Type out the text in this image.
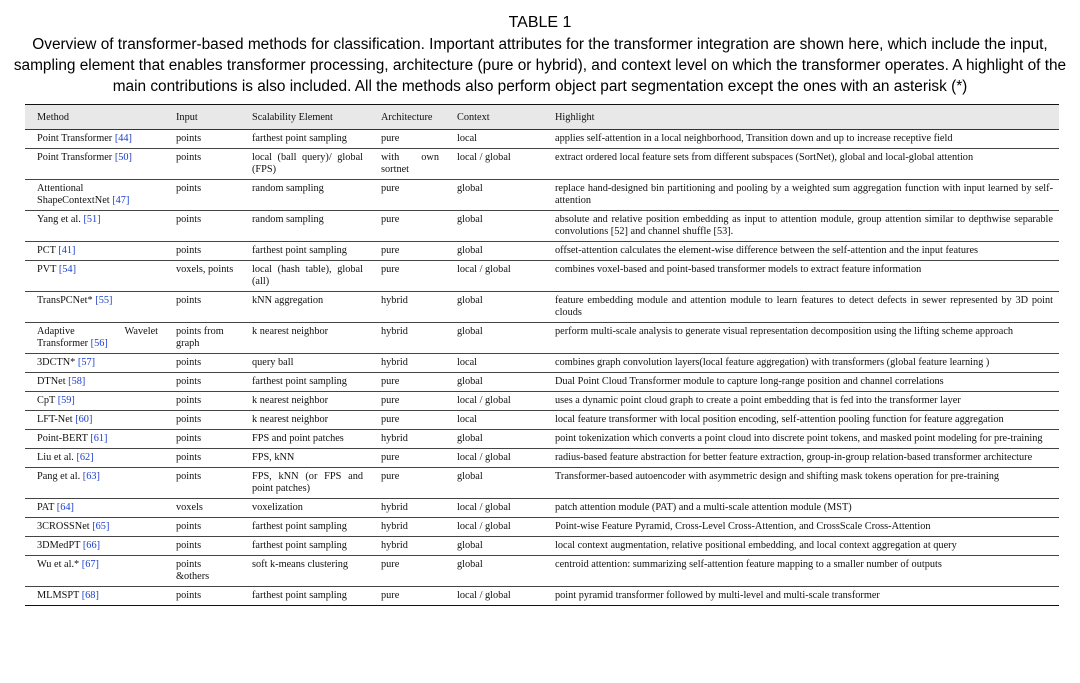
TABLE 1
Overview of transformer-based methods for classification. Important attributes for the transformer integration are shown here, which include the input, sampling element that enables transformer processing, architecture (pure or hybrid), and context level on which the transformer operates. A highlight of the main contributions is also included. All the methods also perform object part segmentation except the ones with an asterisk (*)
Method	Input	Scalability Element	Architecture	Context	Highlight
Point Transformer [44]	points	farthest point sampling	pure	local	applies self-attention in a local neighborhood, Transition down and up to increase receptive field
Point Transformer [50]	points	local (ball query)/ global (FPS)	with own sortnet	local / global	extract ordered local feature sets from different subspaces (SortNet), global and local-global attention
Attentional ShapeContextNet [47]	points	random sampling	pure	global	replace hand-designed bin partitioning and pooling by a weighted sum aggregation function with input learned by self-attention
Yang et al. [51]	points	random sampling	pure	global	absolute and relative position embedding as input to attention module, group attention similar to depthwise separable convolutions [52] and channel shuffle [53].
PCT [41]	points	farthest point sampling	pure	global	offset-attention calculates the element-wise difference between the self-attention and the input features
PVT [54]	voxels, points	local (hash table), global (all)	pure	local / global	combines voxel-based and point-based transformer models to extract feature information
TransPCNet* [55]	points	kNN aggregation	hybrid	global	feature embedding module and attention module to learn features to detect defects in sewer represented by 3D point clouds
Adaptive Wavelet Transformer [56]	points from graph	k nearest neighbor	hybrid	global	perform multi-scale analysis to generate visual representation decomposition using the lifting scheme approach
3DCTN* [57]	points	query ball	hybrid	local	combines graph convolution layers(local feature aggregation) with transformers (global feature learning )
DTNet [58]	points	farthest point sampling	pure	global	Dual Point Cloud Transformer module to capture long-range position and channel correlations
CpT [59]	points	k nearest neighbor	pure	local / global	uses a dynamic point cloud graph to create a point embedding that is fed into the transformer layer
LFT-Net [60]	points	k nearest neighbor	pure	local	local feature transformer with local position encoding, self-attention pooling function for feature aggregation
Point-BERT [61]	points	FPS and point patches	hybrid	global	point tokenization which converts a point cloud into discrete point tokens, and masked point modeling for pre-training
Liu et al. [62]	points	FPS, kNN	pure	local / global	radius-based feature abstraction for better feature extraction, group-in-group relation-based transformer architecture
Pang et al. [63]	points	FPS, kNN (or FPS and point patches)	pure	global	Transformer-based autoencoder with asymmetric design and shifting mask tokens operation for pre-training
PAT [64]	voxels	voxelization	hybrid	local / global	patch attention module (PAT) and a multi-scale attention module (MST)
3CROSSNet [65]	points	farthest point sampling	hybrid	local / global	Point-wise Feature Pyramid, Cross-Level Cross-Attention, and CrossScale Cross-Attention
3DMedPT [66]	points	farthest point sampling	hybrid	global	local context augmentation, relative positional embedding, and local context aggregation at query
Wu et al.* [67]	points &others	soft k-means clustering	pure	global	centroid attention: summarizing self-attention feature mapping to a smaller number of outputs
MLMSPT [68]	points	farthest point sampling	pure	local / global	point pyramid transformer followed by multi-level and multi-scale transformer
